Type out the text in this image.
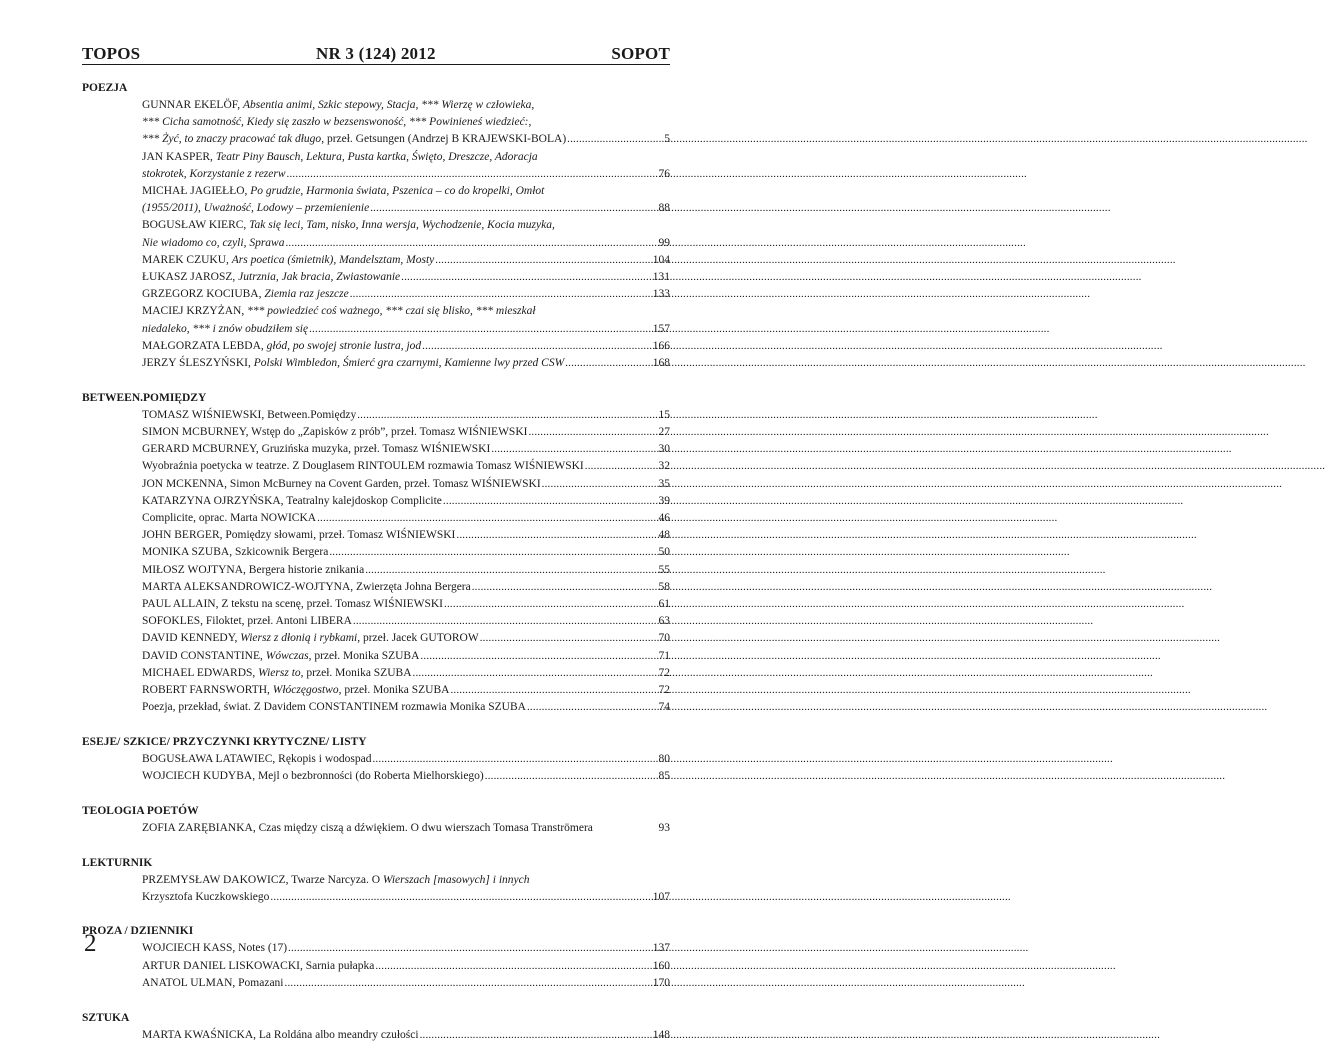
TOPOS	NR 3 (124) 2012	SOPOT
POEZJA
GUNNAR EKELÖF, Absentia animi, Szkic stepowy, Stacja, *** Wierzę w człowieka,
*** Cicha samotność, Kiedy się zaszło w bezsenswoność, *** Powinieneś wiedzieć:,
*** Żyć, to znaczy pracować tak długo, przeł. Getsungen (Andrzej B KRAJEWSKI-BOLA) .....	5
JAN KASPER, Teatr Piny Bausch, Lektura, Pusta kartka, Święto, Dreszcze, Adoracja
stokrotek, Korzystanie z rezerw .....	76
MICHAŁ JAGIEŁŁO, Po grudzie, Harmonia świata, Pszenica – co do kropelki, Omłot
(1955/2011), Uważność, Lodowy – przemienienie .....	88
BOGUSŁAW KIERC, Tak się leci, Tam, nisko, Inna wersja, Wychodzenie, Kocia muzyka,
Nie wiadomo co, czyli, Sprawa .....	99
MAREK CZUKU, Ars poetica (śmietnik), Mandelsztam, Mosty .....	104
ŁUKASZ JAROSZ, Jutrznia, Jak bracia, Zwiastowanie .....	131
GRZEGORZ KOCIUBA, Ziemia raz jeszcze .....	133
MACIEJ KRZYŻAN, *** powiedzieć coś ważnego, *** czai się blisko, *** mieszkał
niedaleko, *** i znów obudziłem się .....	157
MAŁGORZATA LEBDA, głód, po swojej stronie lustra, jod .....	166
JERZY ŚLESZYŃSKI, Polski Wimbledon, Śmierć gra czarnymi, Kamienne lwy przed CSW .....	168
BETWEEN.POMIĘDZY
TOMASZ WIŚNIEWSKI, Between.Pomiędzy .....	15
SIMON MCBURNEY, Wstęp do „Zapisków z prób”, przeł. Tomasz WIŚNIEWSKI .....	27
GERARD MCBURNEY, Gruzińska muzyka, przeł. Tomasz WIŚNIEWSKI .....	30
Wyobraźnia poetycka w teatrze. Z Douglasem RINTOULEM rozmawia Tomasz WIŚNIEWSKI .....	32
JON MCKENNA, Simon McBurney na Covent Garden, przeł. Tomasz WIŚNIEWSKI .....	35
KATARZYNA OJRZYŃSKA, Teatralny kalejdoskop Complicite .....	39
Complicite, oprac. Marta NOWICKA .....	46
JOHN BERGER, Pomiędzy słowami, przeł. Tomasz WIŚNIEWSKI .....	48
MONIKA SZUBA, Szkicownik Bergera .....	50
MIŁOSZ WOJTYNA, Bergera historie znikania .....	55
MARTA ALEKSANDROWICZ-WOJTYNA, Zwierzęta Johna Bergera .....	58
PAUL ALLAIN, Z tekstu na scenę, przeł. Tomasz WIŚNIEWSKI .....	61
SOFOKLES, Filoktet, przeł. Antoni LIBERA .....	63
DAVID KENNEDY, Wiersz z dłonią i rybkami, przeł. Jacek GUTOROW .....	70
DAVID CONSTANTINE, Wówczas, przeł. Monika SZUBA .....	71
MICHAEL EDWARDS, Wiersz to, przeł. Monika SZUBA .....	72
ROBERT FARNSWORTH, Włóczęgostwo, przeł. Monika SZUBA .....	72
Poezja, przekład, świat. Z Davidem CONSTANTINEM rozmawia Monika SZUBA .....	74
ESEJE/ SZKICE/ PRZYCZYNKI KRYTYCZNE/ LISTY
BOGUSŁAWA LATAWIEC, Rękopis i wodospad .....	80
WOJCIECH KUDYBA, Mejl o bezbronności (do Roberta Mielhorskiego) .....	85
TEOLOGIA POETÓW
ZOFIA ZARĘBIANKA, Czas między ciszą a dźwiękiem. O dwu wierszach Tomasa Tranströmera	93
LEKTURNIK
PRZEMYSŁAW DAKOWICZ, Twarze Narcyza. O Wierszach [masowych] i innych
Krzysztofa Kuczkowskiego .....	107
PROZA / DZIENNIKI
WOJCIECH KASS, Notes (17) .....	137
ARTUR DANIEL LISKOWACKI, Sarnia pułapka .....	160
ANATOL ULMAN, Pomazani .....	170
SZTUKA
MARTA KWAŚNICKA, La Roldána albo meandry czułości .....	148
2
